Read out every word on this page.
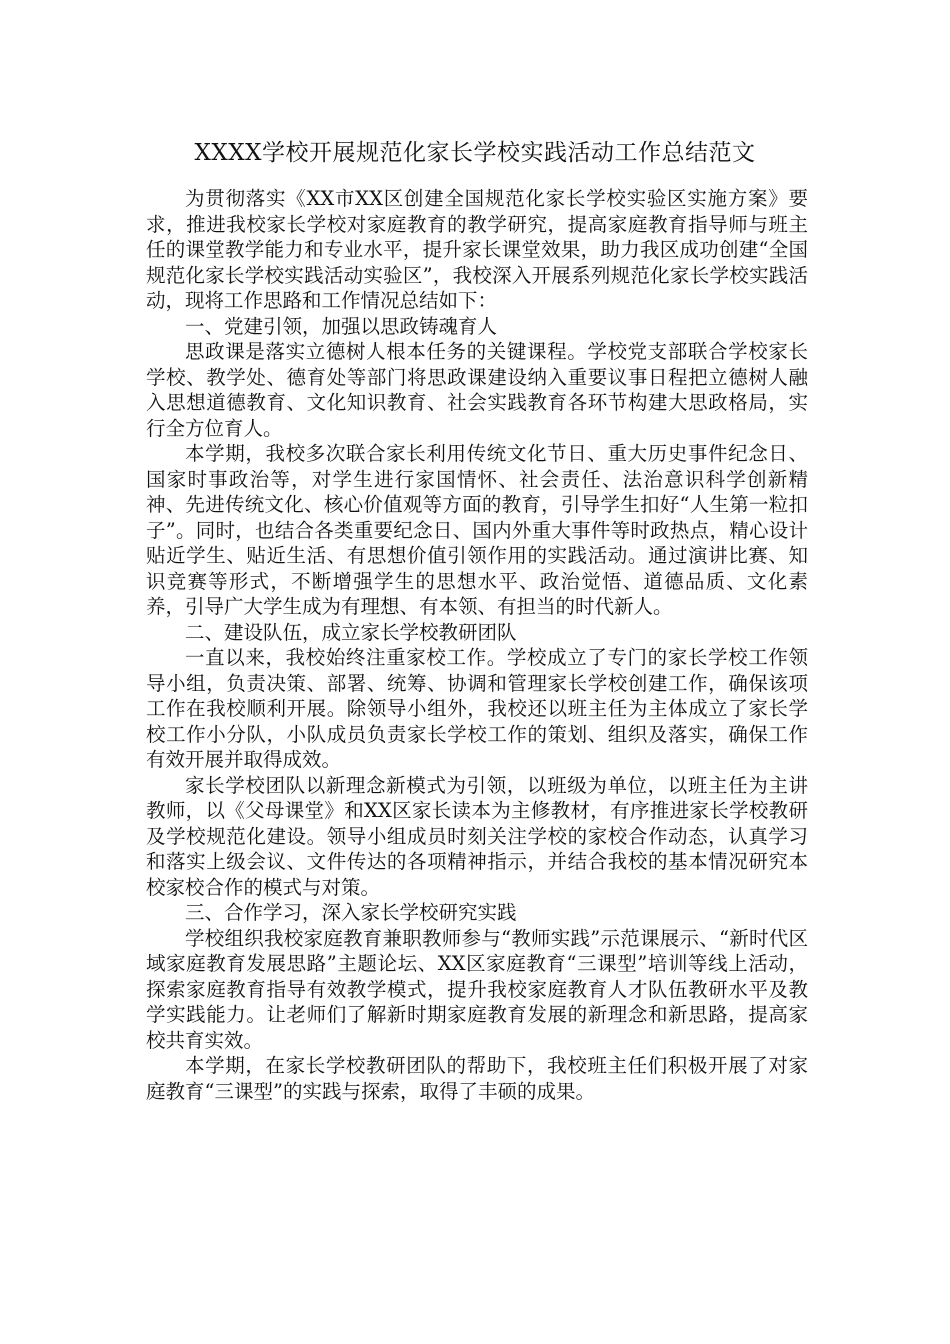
XXXX学校开展规范化家长学校实践活动工作总结范文

为贯彻落实《XX市XX区创建全国规范化家长学校实验区实施方案》要求，推进我校家长学校对家庭教育的教学研究，提高家庭教育指导师与班主任的课堂教学能力和专业水平，提升家长课堂效果，助力我区成功创建“全国规范化家长学校实践活动实验区”，我校深入开展系列规范化家长学校实践活动，现将工作思路和工作情况总结如下：

一、党建引领，加强以思政铸魂育人

思政课是落实立德树人根本任务的关键课程。学校党支部联合学校家长学校、教学处、德育处等部门将思政课建设纳入重要议事日程把立德树人融入思想道德教育、文化知识教育、社会实践教育各环节构建大思政格局，实行全方位育人。

本学期，我校多次联合家长利用传统文化节日、重大历史事件纪念日、国家时事政治等，对学生进行家国情怀、社会责任、法治意识科学创新精神、先进传统文化、核心价值观等方面的教育，引导学生扣好“人生第一粒扣子”。同时，也结合各类重要纪念日、国内外重大事件等时政热点，精心设计贴近学生、贴近生活、有思想价值引领作用的实践活动。通过演讲比赛、知识竞赛等形式，不断增强学生的思想水平、政治觉悟、道德品质、文化素养，引导广大学生成为有理想、有本领、有担当的时代新人。

二、建设队伍，成立家长学校教研团队

一直以来，我校始终注重家校工作。学校成立了专门的家长学校工作领导小组，负责决策、部署、统筹、协调和管理家长学校创建工作，确保该项工作在我校顺利开展。除领导小组外，我校还以班主任为主体成立了家长学校工作小分队，小队成员负责家长学校工作的策划、组织及落实，确保工作有效开展并取得成效。

家长学校团队以新理念新模式为引领，以班级为单位，以班主任为主讲教师，以《父母课堂》和XX区家长读本为主修教材，有序推进家长学校教研及学校规范化建设。领导小组成员时刻关注学校的家校合作动态，认真学习和落实上级会议、文件传达的各项精神指示，并结合我校的基本情况研究本校家校合作的模式与对策。

三、合作学习，深入家长学校研究实践

学校组织我校家庭教育兼职教师参与“教师实践”示范课展示、“新时代区域家庭教育发展思路”主题论坛、XX区家庭教育“三课型”培训等线上活动，探索家庭教育指导有效教学模式，提升我校家庭教育人才队伍教研水平及教学实践能力。让老师们了解新时期家庭教育发展的新理念和新思路，提高家校共育实效。

本学期，在家长学校教研团队的帮助下，我校班主任们积极开展了对家庭教育“三课型”的实践与探索，取得了丰硕的成果。
